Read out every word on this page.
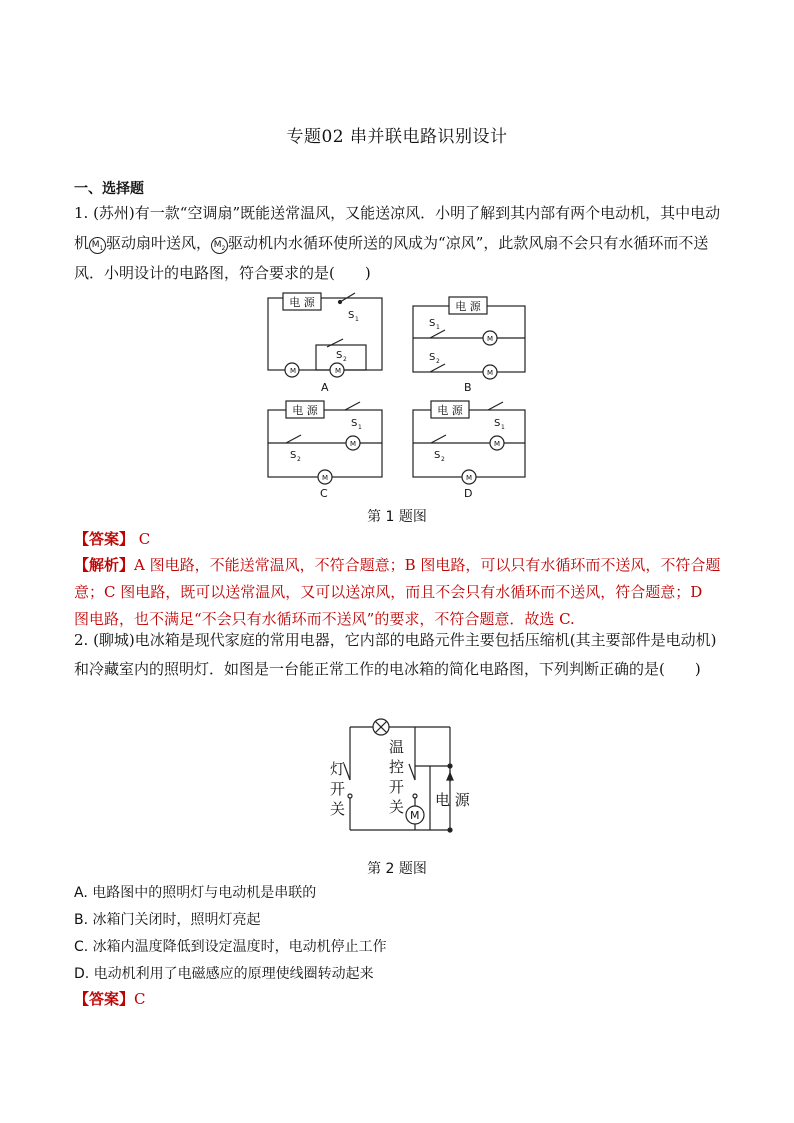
专题02 串并联电路识别设计
一、选择题
1. (苏州)有一款“空调扇”既能送常温风，又能送凉风．小明了解到其内部有两个电动机，其中电动机 $M_1$ 驱动扇叶送风， $M_2$ 驱动机内水循环使所送的风成为“凉风”，此款风扇不会只有水循环而不送风．小明设计的电路图，符合要求的是(　　)
电 源
S 1
S 2
M	M
A
电 源
S 1
M
S 2
M
B
电 源
S 1
S 2
M
M
C
电 源
S 1
S 2
M
M
D
第 1 题图
【答案】 C
【解析】A 图电路，不能送常温风，不符合题意；B 图电路，可以只有水循环而不送风，不符合题意；C 图电路，既可以送常温风，又可以送凉风，而且不会只有水循环而不送风，符合题意；D 图电路，也不满足“不会只有水循环而不送风”的要求，不符合题意．故选 C.
2. (聊城)电冰箱是现代家庭的常用电器，它内部的电路元件主要包括压缩机(其主要部件是电动机)和冷藏室内的照明灯．如图是一台能正常工作的电冰箱的简化电路图，下列判断正确的是(　　)
M
灯
开
关
温
控
开
关 电 源
第 2 题图
A. 电路图中的照明灯与电动机是串联的
B. 冰箱门关闭时，照明灯亮起
C. 冰箱内温度降低到设定温度时，电动机停止工作
D. 电动机利用了电磁感应的原理使线圈转动起来
【答案】C
